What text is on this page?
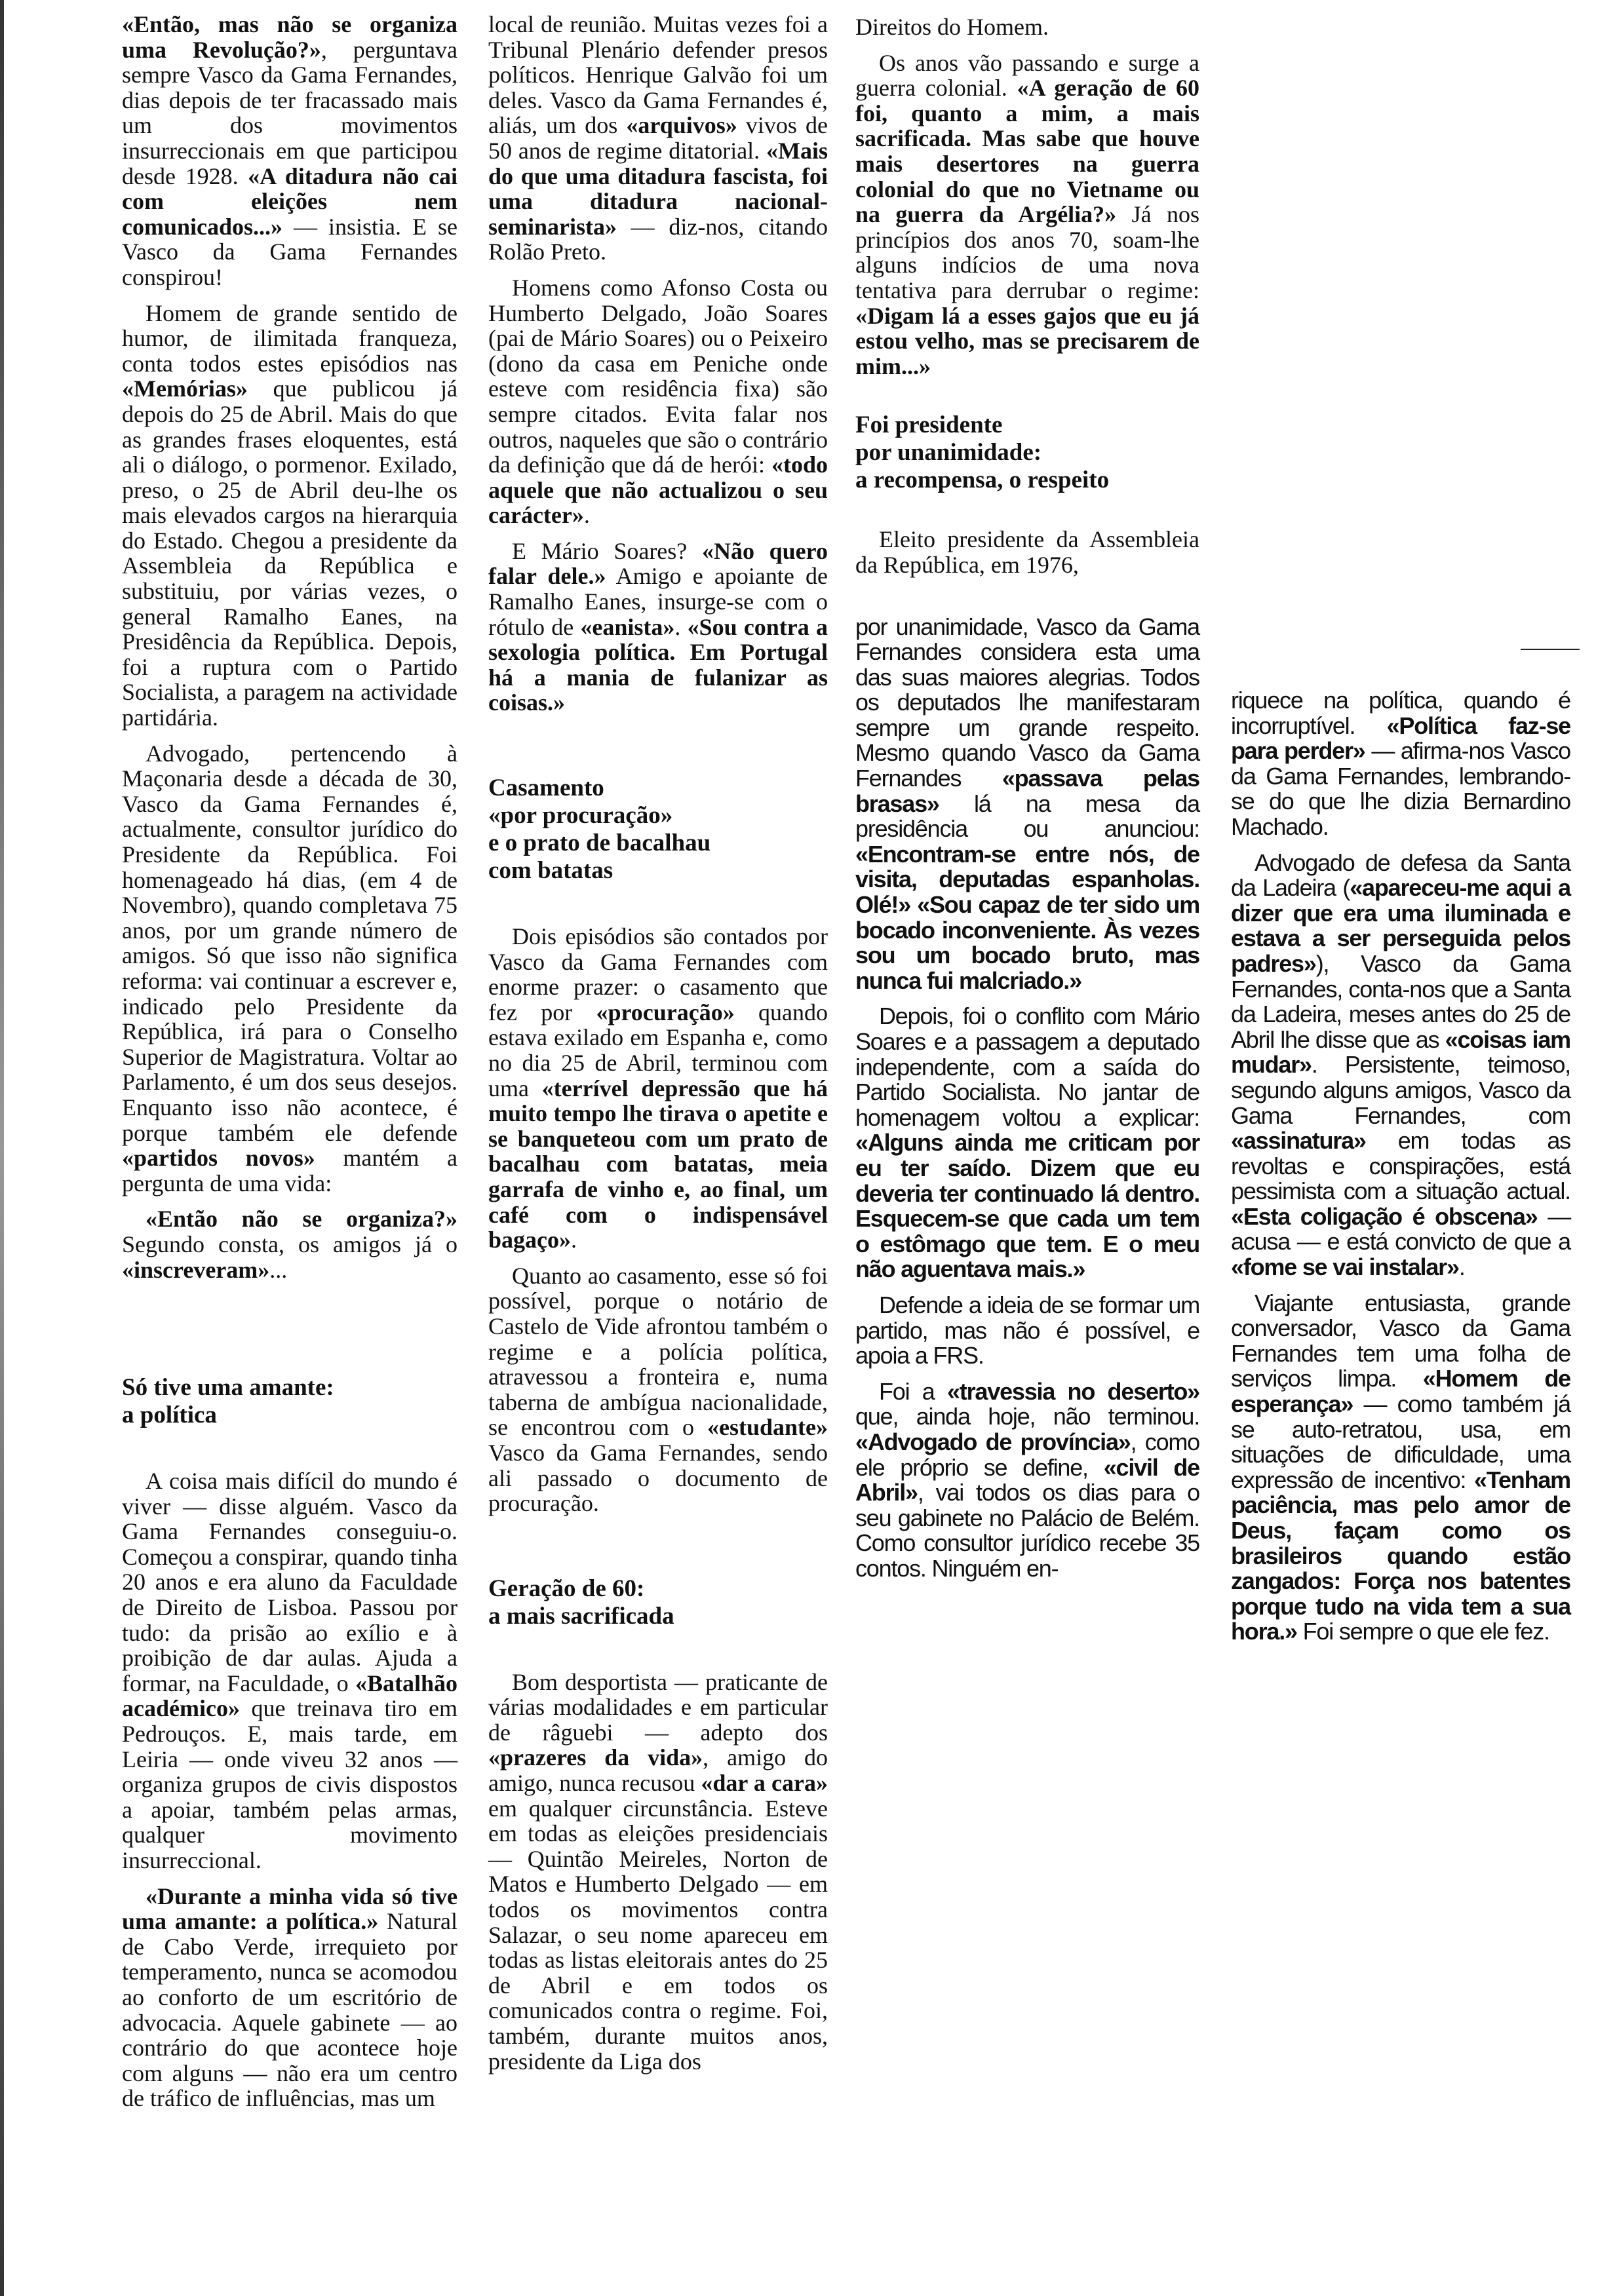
«Então, mas não se organiza uma Revolução?», perguntava sempre Vasco da Gama Fernandes, dias depois de ter fracassado mais um dos movimentos insurreccionais em que participou desde 1928. «A ditadura não cai com eleições nem comunicados...» — insistia. E se Vasco da Gama Fernandes conspirou!

Homem de grande sentido de humor, de ilimitada franqueza, conta todos estes episódios nas «Memórias» que publicou já depois do 25 de Abril. Mais do que as grandes frases eloquentes, está ali o diálogo, o pormenor. Exilado, preso, o 25 de Abril deu-lhe os mais elevados cargos na hierarquia do Estado. Chegou a presidente da Assembleia da República e substituiu, por várias vezes, o general Ramalho Eanes, na Presidência da República. Depois, foi a ruptura com o Partido Socialista, a paragem na actividade partidária.

Advogado, pertencendo à Maçonaria desde a década de 30, Vasco da Gama Fernandes é, actualmente, consultor jurídico do Presidente da República. Foi homenageado há dias, (em 4 de Novembro), quando completava 75 anos, por um grande número de amigos. Só que isso não significa reforma: vai continuar a escrever e, indicado pelo Presidente da República, irá para o Conselho Superior de Magistratura. Voltar ao Parlamento, é um dos seus desejos. Enquanto isso não acontece, é porque também ele defende «partidos novos» mantém a pergunta de uma vida:

«Então não se organiza?» Segundo consta, os amigos já o «inscreveram»...

Só tive uma amante:
a política

A coisa mais difícil do mundo é viver — disse alguém. Vasco da Gama Fernandes conseguiu-o. Começou a conspirar, quando tinha 20 anos e era aluno da Faculdade de Direito de Lisboa. Passou por tudo: da prisão ao exílio e à proibição de dar aulas. Ajuda a formar, na Faculdade, o «Batalhão académico» que treinava tiro em Pedrouços. E, mais tarde, em Leiria — onde viveu 32 anos — organiza grupos de civis dispostos a apoiar, também pelas armas, qualquer movimento insurreccional.

«Durante a minha vida só tive uma amante: a política.» Natural de Cabo Verde, irrequieto por temperamento, nunca se acomodou ao conforto de um escritório de advocacia. Aquele gabinete — ao contrário do que acontece hoje com alguns — não era um centro de tráfico de influências, mas um

local de reunião. Muitas vezes foi a Tribunal Plenário defender presos políticos. Henrique Galvão foi um deles. Vasco da Gama Fernandes é, aliás, um dos «arquivos» vivos de 50 anos de regime ditatorial. «Mais do que uma ditadura fascista, foi uma ditadura nacional-seminarista» — diz-nos, citando Rolão Preto.

Homens como Afonso Costa ou Humberto Delgado, João Soares (pai de Mário Soares) ou o Peixeiro (dono da casa em Peniche onde esteve com residência fixa) são sempre citados. Evita falar nos outros, naqueles que são o contrário da definição que dá de herói: «todo aquele que não actualizou o seu carácter».

E Mário Soares? «Não quero falar dele.» Amigo e apoiante de Ramalho Eanes, insurge-se com o rótulo de «eanista». «Sou contra a sexologia política. Em Portugal há a mania de fulanizar as coisas.»

Casamento
«por procuração»
e o prato de bacalhau
com batatas

Dois episódios são contados por Vasco da Gama Fernandes com enorme prazer: o casamento que fez por «procuração» quando estava exilado em Espanha e, como no dia 25 de Abril, terminou com uma «terrível depressão que há muito tempo lhe tirava o apetite e se banqueteou com um prato de bacalhau com batatas, meia garrafa de vinho e, ao final, um café com o indispensável bagaço».

Quanto ao casamento, esse só foi possível, porque o notário de Castelo de Vide afrontou também o regime e a polícia política, atravessou a fronteira e, numa taberna de ambígua nacionalidade, se encontrou com o «estudante» Vasco da Gama Fernandes, sendo ali passado o documento de procuração.

Geração de 60:
a mais sacrificada

Bom desportista — praticante de várias modalidades e em particular de râguebi — adepto dos «prazeres da vida», amigo do amigo, nunca recusou «dar a cara» em qualquer circunstância. Esteve em todas as eleições presidenciais — Quintão Meireles, Norton de Matos e Humberto Delgado — em todos os movimentos contra Salazar, o seu nome apareceu em todas as listas eleitorais antes do 25 de Abril e em todos os comunicados contra o regime. Foi, também, durante muitos anos, presidente da Liga dos

Direitos do Homem.

Os anos vão passando e surge a guerra colonial. «A geração de 60 foi, quanto a mim, a mais sacrificada. Mas sabe que houve mais desertores na guerra colonial do que no Vietname ou na guerra da Argélia?» Já nos princípios dos anos 70, soam-lhe alguns indícios de uma nova tentativa para derrubar o regime: «Digam lá a esses gajos que eu já estou velho, mas se precisarem de mim...»

Foi presidente
por unanimidade:
a recompensa, o respeito

Eleito presidente da Assembleia da República, em 1976,

por unanimidade, Vasco da Gama Fernandes considera esta uma das suas maiores alegrias. Todos os deputados lhe manifestaram sempre um grande respeito. Mesmo quando Vasco da Gama Fernandes «passava pelas brasas» lá na mesa da presidência ou anunciou: «Encontram-se entre nós, de visita, deputadas espanholas. Olé!» «Sou capaz de ter sido um bocado inconveniente. Às vezes sou um bocado bruto, mas nunca fui malcriado.»

Depois, foi o conflito com Mário Soares e a passagem a deputado independente, com a saída do Partido Socialista. No jantar de homenagem voltou a explicar: «Alguns ainda me criticam por eu ter saído. Dizem que eu deveria ter continuado lá dentro. Esquecem-se que cada um tem o estômago que tem. E o meu não aguentava mais.»

Defende a ideia de se formar um partido, mas não é possível, e apoia a FRS.

Foi a «travessia no deserto» que, ainda hoje, não terminou. «Advogado de província», como ele próprio se define, «civil de Abril», vai todos os dias para o seu gabinete no Palácio de Belém. Como consultor jurídico recebe 35 contos. Ninguém en-

riquece na política, quando é incorruptível. «Política faz-se para perder» — afirma-nos Vasco da Gama Fernandes, lembrando-se do que lhe dizia Bernardino Machado.

Advogado de defesa da Santa da Ladeira («apareceu-me aqui a dizer que era uma iluminada e estava a ser perseguida pelos padres»), Vasco da Gama Fernandes, conta-nos que a Santa da Ladeira, meses antes do 25 de Abril lhe disse que as «coisas iam mudar». Persistente, teimoso, segundo alguns amigos, Vasco da Gama Fernandes, com «assinatura» em todas as revoltas e conspirações, está pessimista com a situação actual. «Esta coligação é obscena» — acusa — e está convicto de que a «fome se vai instalar».

Viajante entusiasta, grande conversador, Vasco da Gama Fernandes tem uma folha de serviços limpa. «Homem de esperança» — como também já se auto-retratou, usa, em situações de dificuldade, uma expressão de incentivo: «Tenham paciência, mas pelo amor de Deus, façam como os brasileiros quando estão zangados: Força nos batentes porque tudo na vida tem a sua hora.» Foi sempre o que ele fez.
